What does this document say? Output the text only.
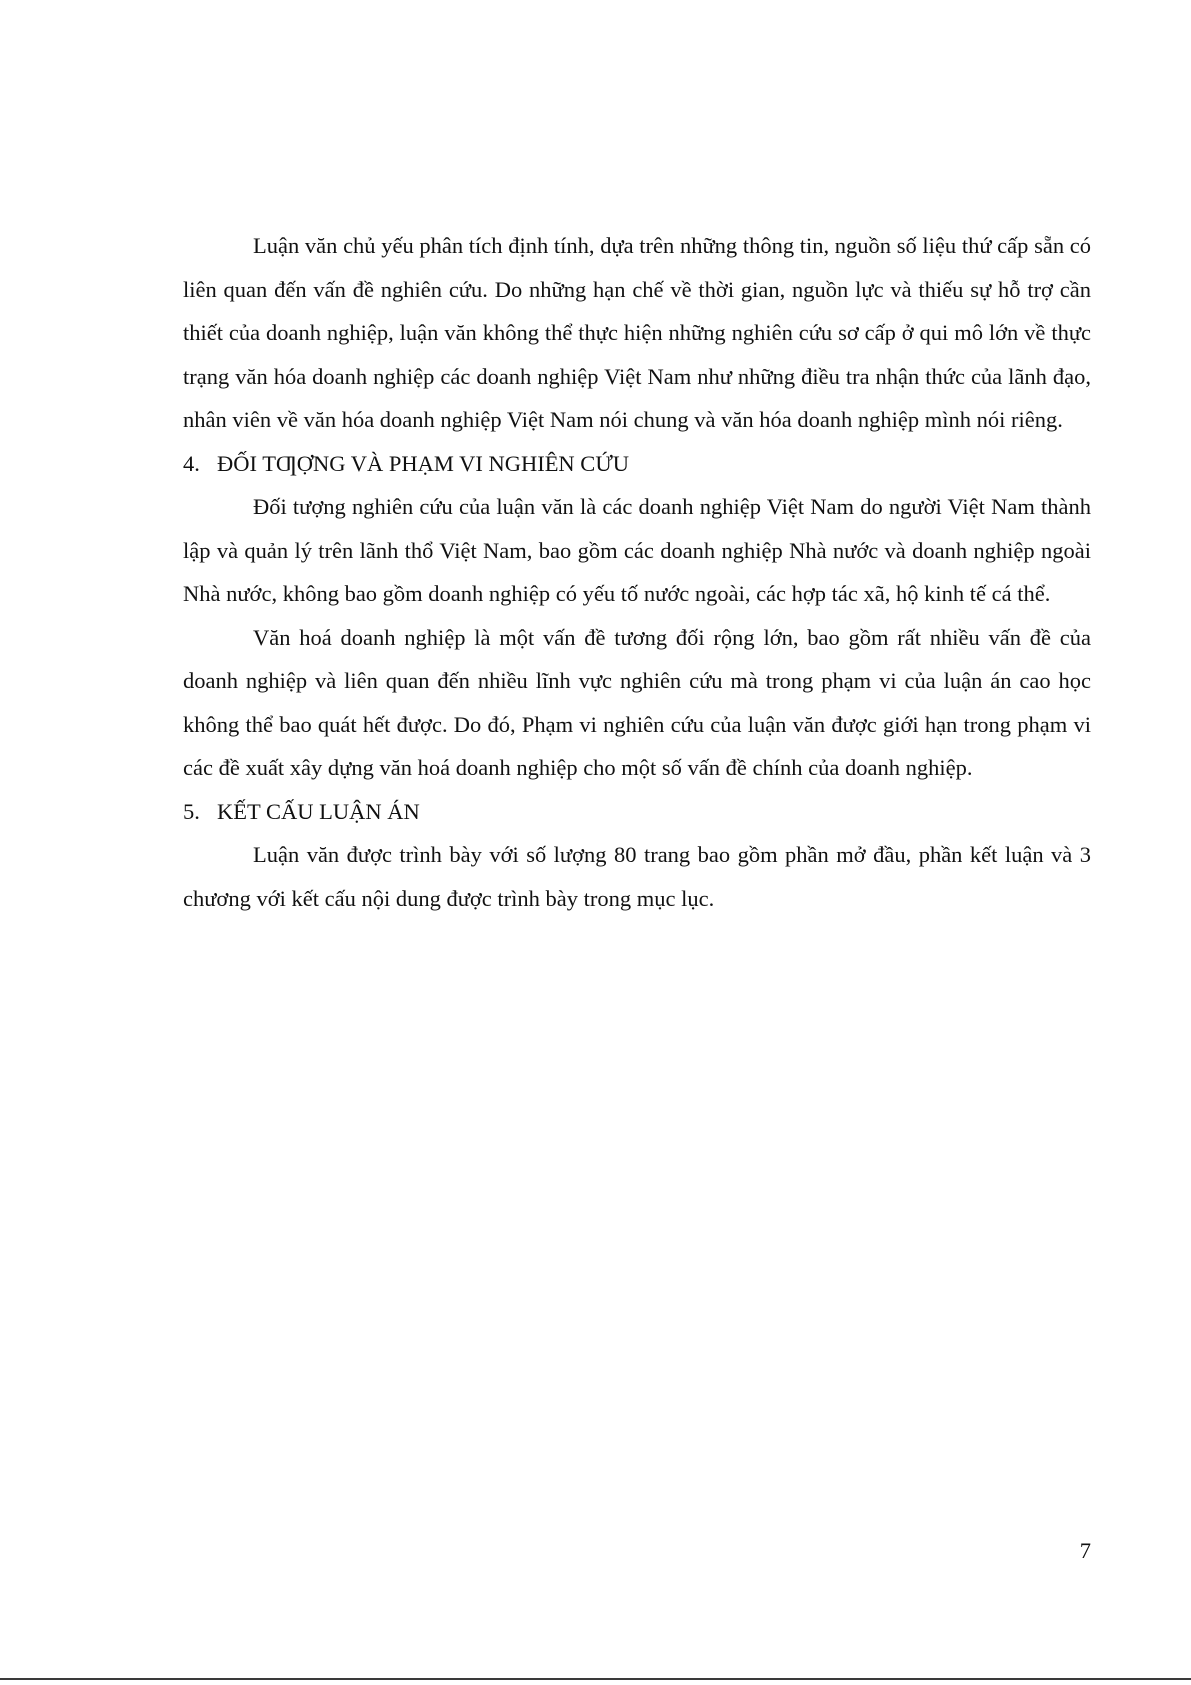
Luận văn chủ yếu phân tích định tính, dựa trên những thông tin, nguồn số liệu thứ cấp sẵn có liên quan đến vấn đề nghiên cứu. Do những hạn chế về thời gian, nguồn lực và thiếu sự hỗ trợ cần thiết của doanh nghiệp, luận văn không thể thực hiện những nghiên cứu sơ cấp ở qui mô lớn về thực trạng văn hóa doanh nghiệp các doanh nghiệp Việt Nam như những điều tra nhận thức của lãnh đạo, nhân viên về văn hóa doanh nghiệp Việt Nam nói chung và văn hóa doanh nghiệp mình nói riêng.

4. ĐỐI TƢỢNG VÀ PHẠM VI NGHIÊN CỨU

Đối tượng nghiên cứu của luận văn là các doanh nghiệp Việt Nam do người Việt Nam thành lập và quản lý trên lãnh thổ Việt Nam, bao gồm các doanh nghiệp Nhà nước và doanh nghiệp ngoài Nhà nước, không bao gồm doanh nghiệp có yếu tố nước ngoài, các hợp tác xã, hộ kinh tế cá thể.

Văn hoá doanh nghiệp là một vấn đề tương đối rộng lớn, bao gồm rất nhiều vấn đề của doanh nghiệp và liên quan đến nhiều lĩnh vực nghiên cứu mà trong phạm vi của luận án cao học không thể bao quát hết được. Do đó, Phạm vi nghiên cứu của luận văn được giới hạn trong phạm vi các đề xuất xây dựng văn hoá doanh nghiệp cho một số vấn đề chính của doanh nghiệp.

5. KẾT CẤU LUẬN ÁN

Luận văn được trình bày với số lượng 80 trang bao gồm phần mở đầu, phần kết luận và 3 chương với kết cấu nội dung được trình bày trong mục lục.

7
